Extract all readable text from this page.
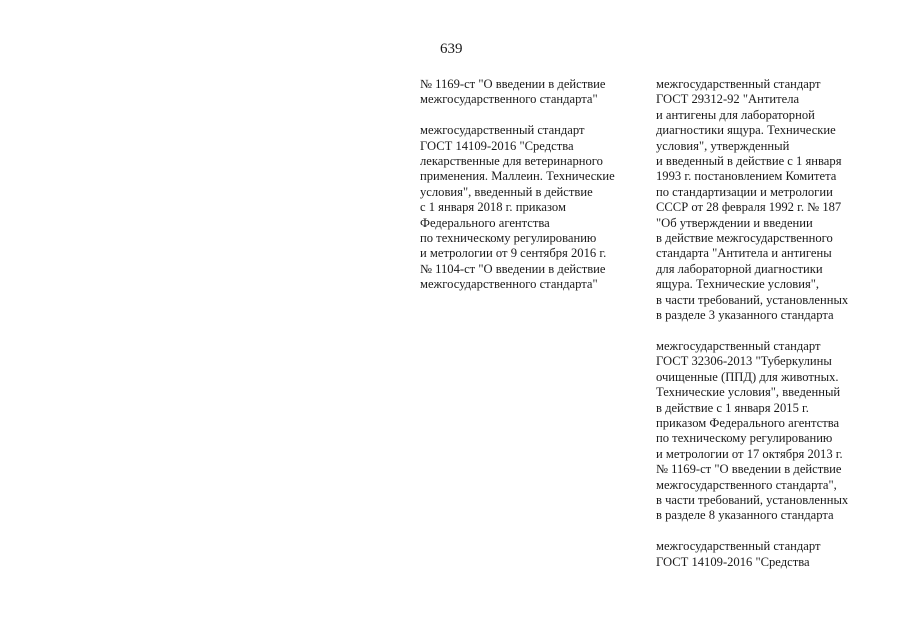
639
№ 1169-ст "О введении в действие
межгосударственного стандарта"
межгосударственный стандарт
ГОСТ 14109-2016 "Средства
лекарственные для ветеринарного
применения. Маллеин. Технические
условия", введенный в действие
с 1 января 2018 г. приказом
Федерального агентства
по техническому регулированию
и метрологии от 9 сентября 2016 г.
№ 1104-ст "О введении в действие
межгосударственного стандарта"
межгосударственный стандарт
ГОСТ 29312-92 "Антитела
и антигены для лабораторной
диагностики ящура. Технические
условия", утвержденный
и введенный в действие с 1 января
1993 г. постановлением Комитета
по стандартизации и метрологии
СССР от 28 февраля 1992 г. № 187
"Об утверждении и введении
в действие межгосударственного
стандарта "Антитела и антигены
для лабораторной диагностики
ящура. Технические условия",
в части требований, установленных
в разделе 3 указанного стандарта
межгосударственный стандарт
ГОСТ 32306-2013 "Туберкулины
очищенные (ППД) для животных.
Технические условия", введенный
в действие с 1 января 2015 г.
приказом Федерального агентства
по техническому регулированию
и метрологии от 17 октября 2013 г.
№ 1169-ст "О введении в действие
межгосударственного стандарта",
в части требований, установленных
в разделе 8 указанного стандарта
межгосударственный стандарт
ГОСТ 14109-2016 "Средства
